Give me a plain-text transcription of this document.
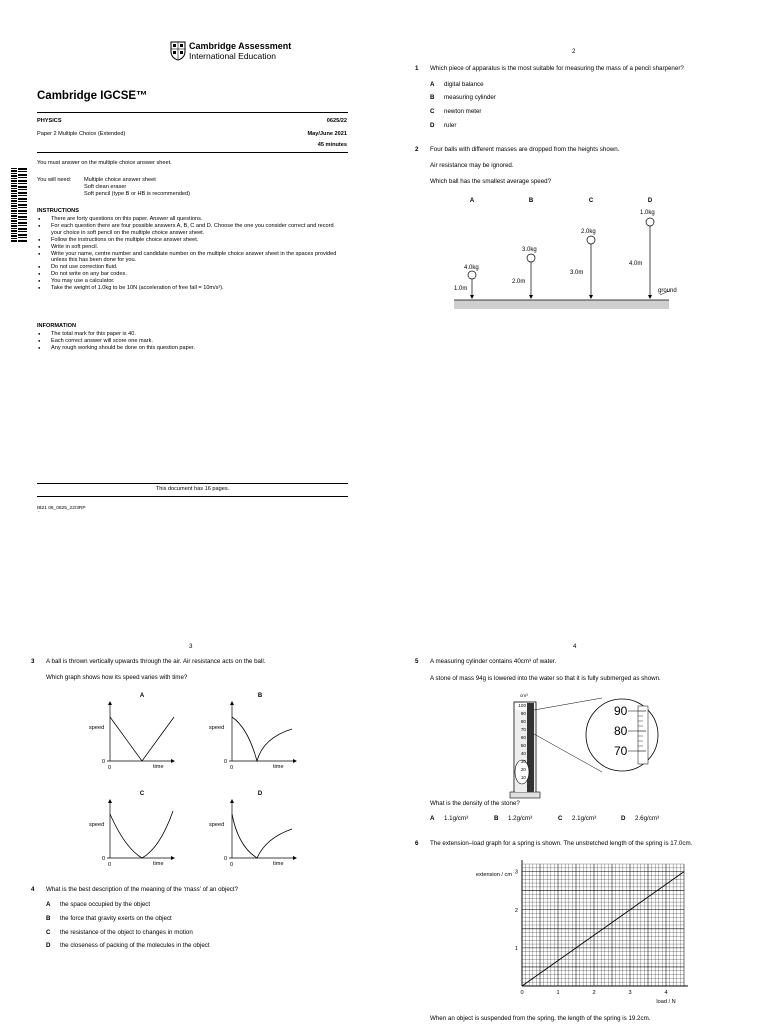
Cambridge Assessment
International Education
Cambridge IGCSE™
PHYSICS	0625/22
Paper 2 Multiple Choice (Extended)	May/June 2021
45 minutes
You must answer on the multiple choice answer sheet.
You will need: Multiple choice answer sheet
Soft clean eraser
Soft pencil (type B or HB is recommended)
INSTRUCTIONS
● There are forty questions on this paper. Answer all questions.
● For each question there are four possible answers A, B, C and D. Choose the one you consider correct and record your choice in soft pencil on the multiple choice answer sheet.
● Follow the instructions on the multiple choice answer sheet.
● Write in soft pencil.
● Write your name, centre number and candidate number on the multiple choice answer sheet in the spaces provided unless this has been done for you.
● Do not use correction fluid.
● Do not write on any bar codes.
● You may use a calculator.
● Take the weight of 1.0kg to be 10N (acceleration of free fall = 10m/s²).
INFORMATION
● The total mark for this paper is 40.
● Each correct answer will score one mark.
● Any rough working should be done on this question paper.
This document has 16 pages.
IB21 06_0625_22/3RP
2
1 Which piece of apparatus is the most suitable for measuring the mass of a pencil sharpener?
A digital balance
B measuring cylinder
C newton meter
D ruler
2 Four balls with different masses are dropped from the heights shown.
Air resistance may be ignored.
Which ball has the smallest average speed?
A
4.0kg
1.0m
B
3.0kg
2.0m
C
2.0kg
3.0m
D
1.0kg
4.0m
ground
3
3 A ball is thrown vertically upwards through the air. Air resistance acts on the ball.
Which graph shows how its speed varies with time?
A
speed
time
0
0
B
speed
time
0
0
C
speed
time
0
0
D
speed
time
0
0
4 What is the best description of the meaning of the ‘mass’ of an object?
A the space occupied by the object
B the force that gravity exerts on the object
C the resistance of the object to changes in motion
D the closeness of packing of the molecules in the object
4
5 A measuring cylinder contains 40cm³ of water.
A stone of mass 94g is lowered into the water so that it is fully submerged as shown.
cm³
100
90
80
70
60
50
40
30
20
10
90
80
70
What is the density of the stone?
A 1.1g/cm³	B 1.2g/cm³	C 2.1g/cm³	D 2.6g/cm³
6 The extension–load graph for a spring is shown. The unstretched length of the spring is 17.0cm.
0	1	2	3	4
1
2
3
load / N
extension / cm
When an object is suspended from the spring, the length of the spring is 19.2cm.
